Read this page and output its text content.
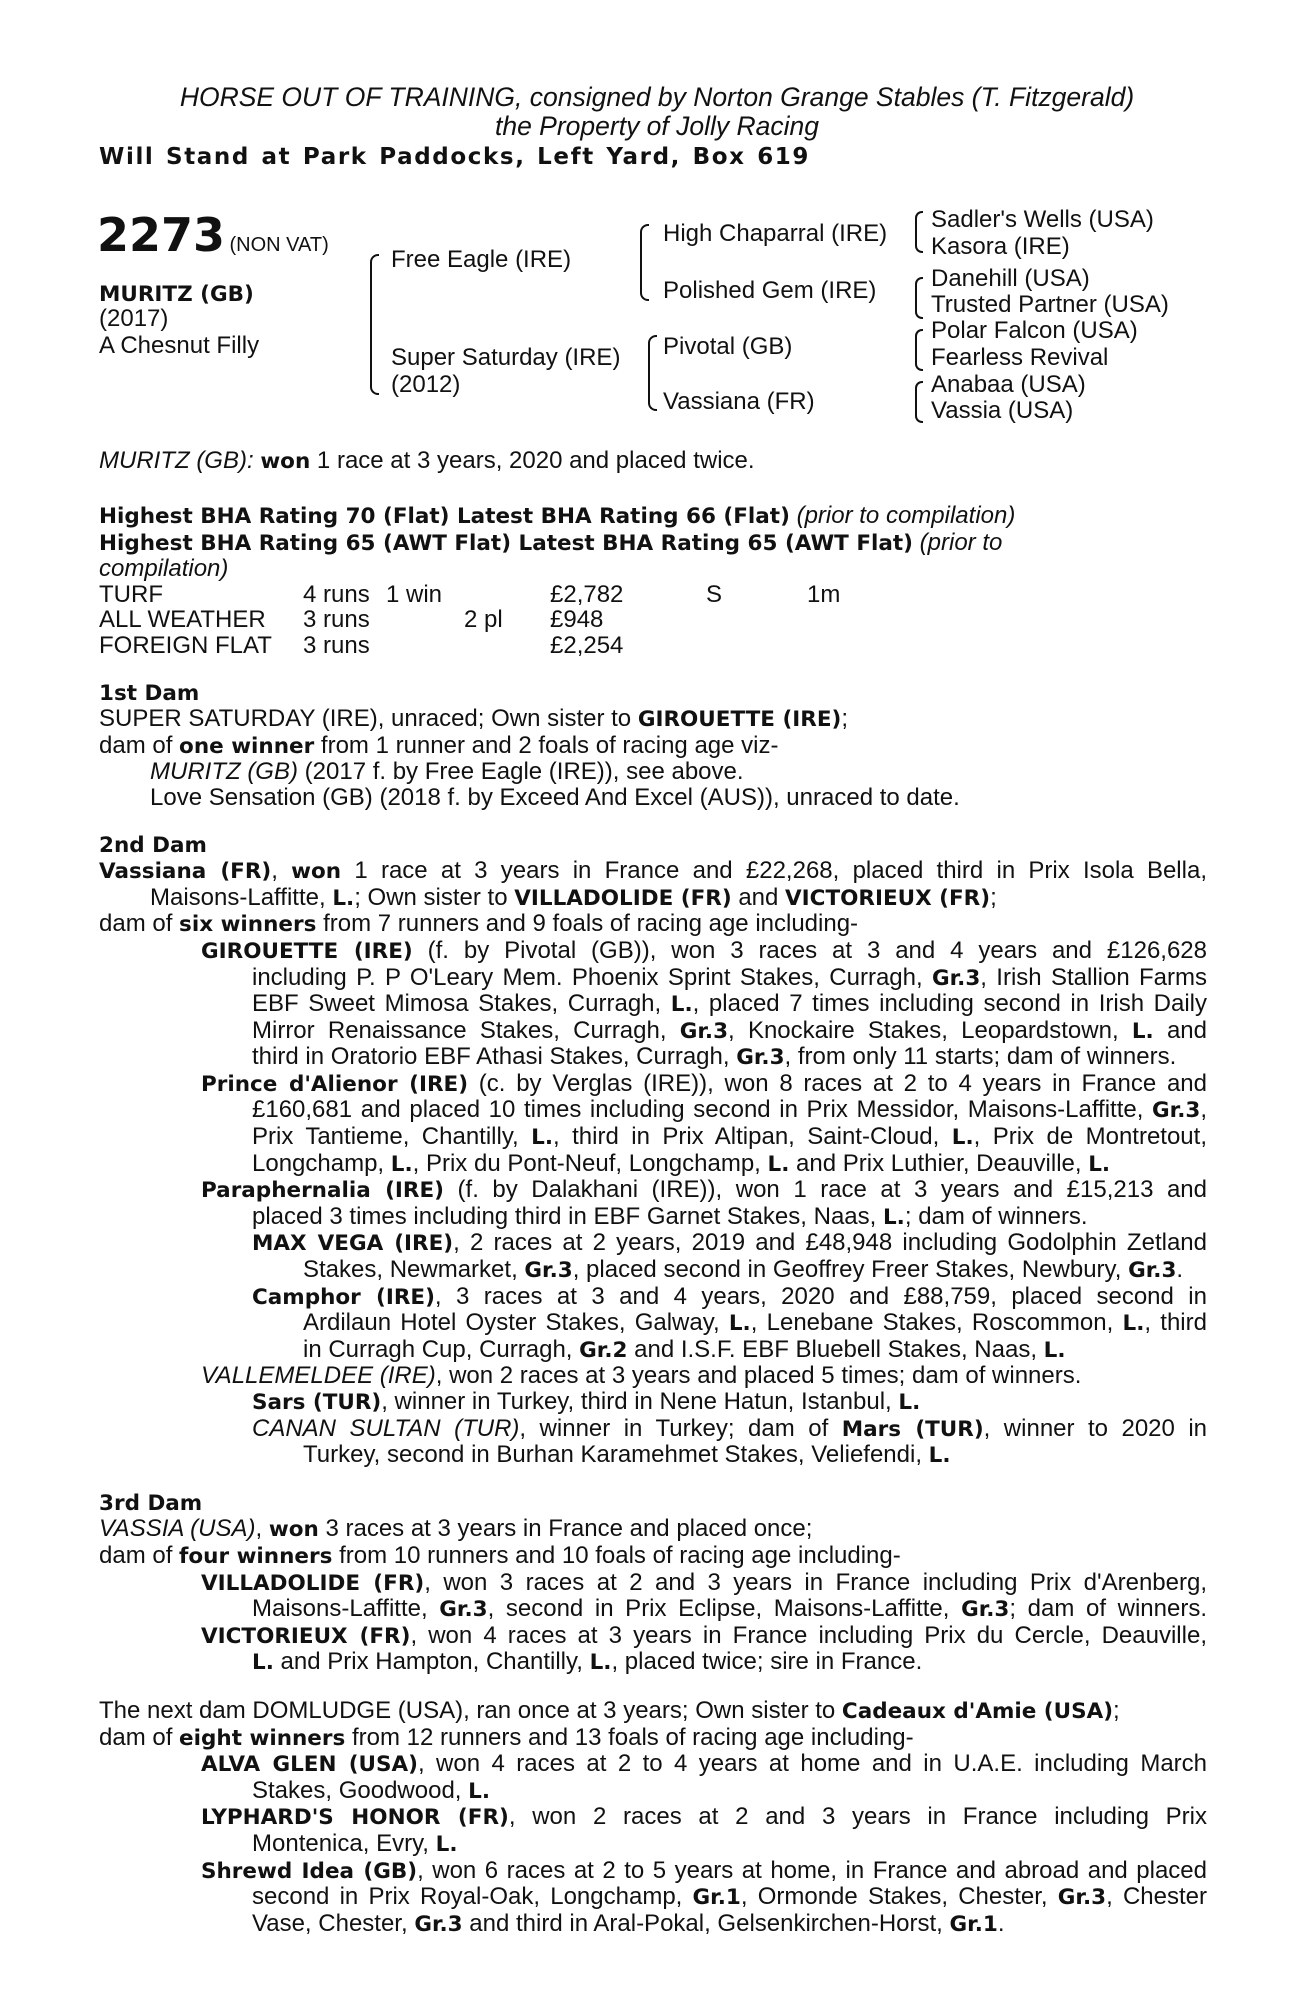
HORSE OUT OF TRAINING, consigned by Norton Grange Stables (T. Fitzgerald)
the Property of Jolly Racing
Will Stand at Park Paddocks, Left Yard, Box 619
2273 (NON VAT)
MURITZ (GB)
(2017)
A Chesnut Filly
Free Eagle (IRE)
Super Saturday (IRE)
(2012)
High Chaparral (IRE)
Polished Gem (IRE)
Pivotal (GB)
Vassiana (FR)
Sadler's Wells (USA)
Kasora (IRE)
Danehill (USA)
Trusted Partner (USA)
Polar Falcon (USA)
Fearless Revival
Anabaa (USA)
Vassia (USA)
MURITZ (GB): won 1 race at 3 years, 2020 and placed twice.
Highest BHA Rating 70 (Flat) Latest BHA Rating 66 (Flat) (prior to compilation)
Highest BHA Rating 65 (AWT Flat) Latest BHA Rating 65 (AWT Flat) (prior to
compilation)
TURF	4 runs 1 win	£2,782	S	1m
ALL WEATHER	3 runs	2 pl	£948
FOREIGN FLAT	3 runs	£2,254
1st Dam
SUPER SATURDAY (IRE), unraced; Own sister to GIROUETTE (IRE);
dam of one winner from 1 runner and 2 foals of racing age viz-
MURITZ (GB) (2017 f. by Free Eagle (IRE)), see above.
Love Sensation (GB) (2018 f. by Exceed And Excel (AUS)), unraced to date.
2nd Dam
Vassiana (FR), won 1 race at 3 years in France and £22,268, placed third in Prix Isola Bella,
Maisons-Laffitte, L.; Own sister to VILLADOLIDE (FR) and VICTORIEUX (FR);
dam of six winners from 7 runners and 9 foals of racing age including-
GIROUETTE (IRE) (f. by Pivotal (GB)), won 3 races at 3 and 4 years and £126,628
including P. P O'Leary Mem. Phoenix Sprint Stakes, Curragh, Gr.3, Irish Stallion Farms
EBF Sweet Mimosa Stakes, Curragh, L., placed 7 times including second in Irish Daily
Mirror Renaissance Stakes, Curragh, Gr.3, Knockaire Stakes, Leopardstown, L. and
third in Oratorio EBF Athasi Stakes, Curragh, Gr.3, from only 11 starts; dam of winners.
Prince d'Alienor (IRE) (c. by Verglas (IRE)), won 8 races at 2 to 4 years in France and
£160,681 and placed 10 times including second in Prix Messidor, Maisons-Laffitte, Gr.3,
Prix Tantieme, Chantilly, L., third in Prix Altipan, Saint-Cloud, L., Prix de Montretout,
Longchamp, L., Prix du Pont-Neuf, Longchamp, L. and Prix Luthier, Deauville, L.
Paraphernalia (IRE) (f. by Dalakhani (IRE)), won 1 race at 3 years and £15,213 and
placed 3 times including third in EBF Garnet Stakes, Naas, L.; dam of winners.
MAX VEGA (IRE), 2 races at 2 years, 2019 and £48,948 including Godolphin Zetland
Stakes, Newmarket, Gr.3, placed second in Geoffrey Freer Stakes, Newbury, Gr.3.
Camphor (IRE), 3 races at 3 and 4 years, 2020 and £88,759, placed second in
Ardilaun Hotel Oyster Stakes, Galway, L., Lenebane Stakes, Roscommon, L., third
in Curragh Cup, Curragh, Gr.2 and I.S.F. EBF Bluebell Stakes, Naas, L.
VALLEMELDEE (IRE), won 2 races at 3 years and placed 5 times; dam of winners.
Sars (TUR), winner in Turkey, third in Nene Hatun, Istanbul, L.
CANAN SULTAN (TUR), winner in Turkey; dam of Mars (TUR), winner to 2020 in
Turkey, second in Burhan Karamehmet Stakes, Veliefendi, L.
3rd Dam
VASSIA (USA), won 3 races at 3 years in France and placed once;
dam of four winners from 10 runners and 10 foals of racing age including-
VILLADOLIDE (FR), won 3 races at 2 and 3 years in France including Prix d'Arenberg,
Maisons-Laffitte, Gr.3, second in Prix Eclipse, Maisons-Laffitte, Gr.3; dam of winners.
VICTORIEUX (FR), won 4 races at 3 years in France including Prix du Cercle, Deauville,
L. and Prix Hampton, Chantilly, L., placed twice; sire in France.
The next dam DOMLUDGE (USA), ran once at 3 years; Own sister to Cadeaux d'Amie (USA);
dam of eight winners from 12 runners and 13 foals of racing age including-
ALVA GLEN (USA), won 4 races at 2 to 4 years at home and in U.A.E. including March
Stakes, Goodwood, L.
LYPHARD'S HONOR (FR), won 2 races at 2 and 3 years in France including Prix
Montenica, Evry, L.
Shrewd Idea (GB), won 6 races at 2 to 5 years at home, in France and abroad and placed
second in Prix Royal-Oak, Longchamp, Gr.1, Ormonde Stakes, Chester, Gr.3, Chester
Vase, Chester, Gr.3 and third in Aral-Pokal, Gelsenkirchen-Horst, Gr.1.
